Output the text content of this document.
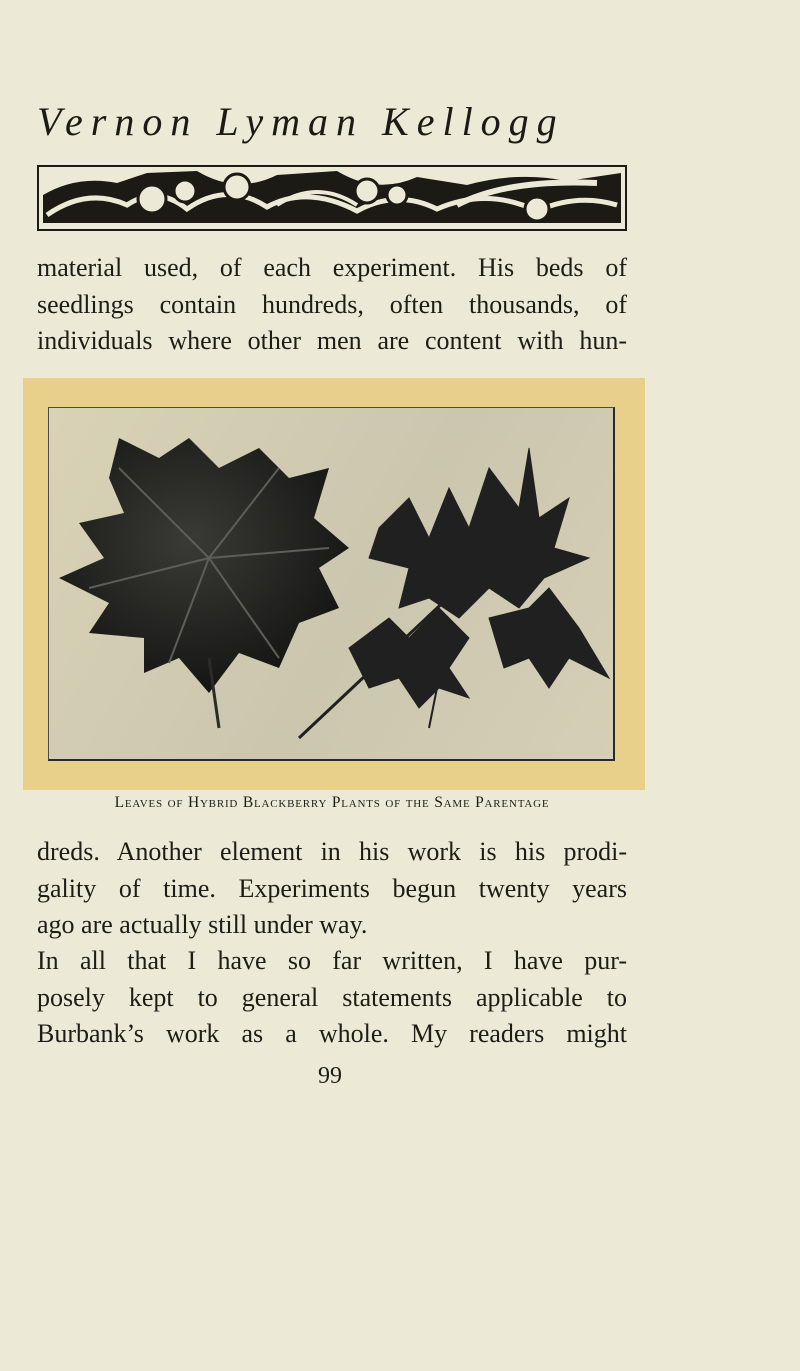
Vernon Lyman Kellogg
material used, of each experiment. His beds of
seedlings contain hundreds, often thousands, of
individuals where other men are content with hun-
Leaves of Hybrid Blackberry Plants of the Same Parentage
dreds. Another element in his work is his prodi-
gality of time. Experiments begun twenty years
ago are actually still under way.
In all that I have so far written, I have pur-
posely kept to general statements applicable to
Burbank’s work as a whole. My readers might
99
